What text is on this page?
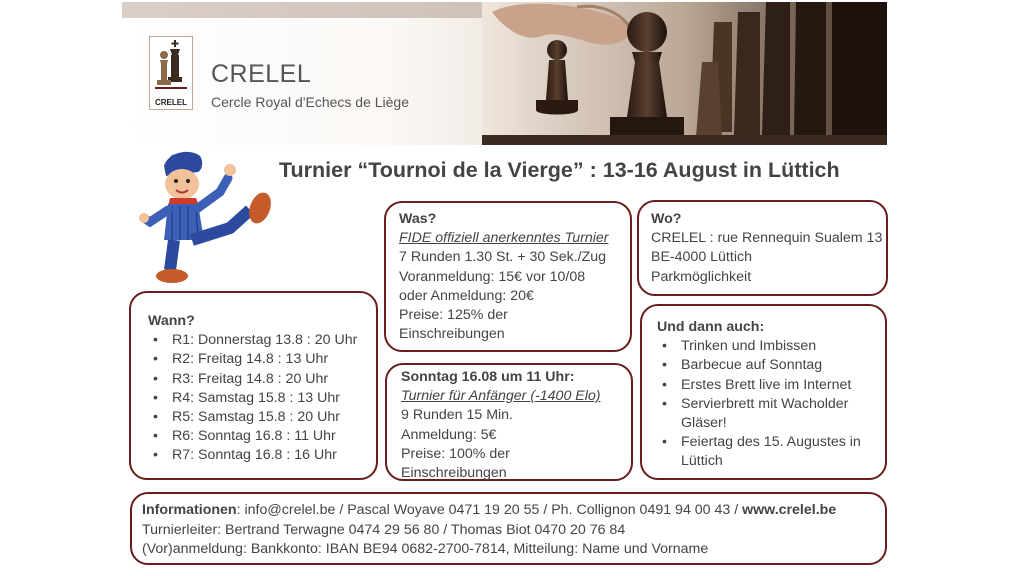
CRELEL
CRELEL
Cercle Royal d'Echecs de Liège
Turnier “Tournoi de la Vierge” : 13-16 August in Lüttich

Was?

FIDE offiziell anerkenntes Turnier

7 Runden 1.30 St. + 30 Sek./Zug

Voranmeldung: 15€ vor 10/08

oder Anmeldung: 20€

Preise: 125% der

Einschreibungen

Wo?

CRELEL : rue Rennequin Sualem 13

BE-4000 Lüttich

Parkmöglichkeit

Wann?

• R1: Donnerstag 13.8 : 20 Uhr
• R2: Freitag 14.8 : 13 Uhr
• R3: Freitag 14.8 : 20 Uhr
• R4: Samstag 15.8 : 13 Uhr
• R5: Samstag 15.8 : 20 Uhr
• R6: Sonntag 16.8 : 11 Uhr
• R7: Sonntag 16.8 : 16 Uhr

Sonntag 16.08 um 11 Uhr:

Turnier für Anfänger (-1400 Elo)

9 Runden 15 Min.

Anmeldung: 5€

Preise: 100% der

Einschreibungen

Und dann auch:

• Trinken und Imbissen
• Barbecue auf Sonntag
• Erstes Brett live im Internet
• Servierbrett mit Wacholder Gläser!
• Feiertag des 15. Augustes in Lüttich

Informationen: info@crelel.be / Pascal Woyave 0471 19 20 55 / Ph. Collignon 0491 94 00 43 / www.crelel.be

Turnierleiter: Bertrand Terwagne 0474 29 56 80 / Thomas Biot 0470 20 76 84

(Vor)anmeldung: Bankkonto: IBAN BE94 0682-2700-7814, Mitteilung: Name und Vorname
